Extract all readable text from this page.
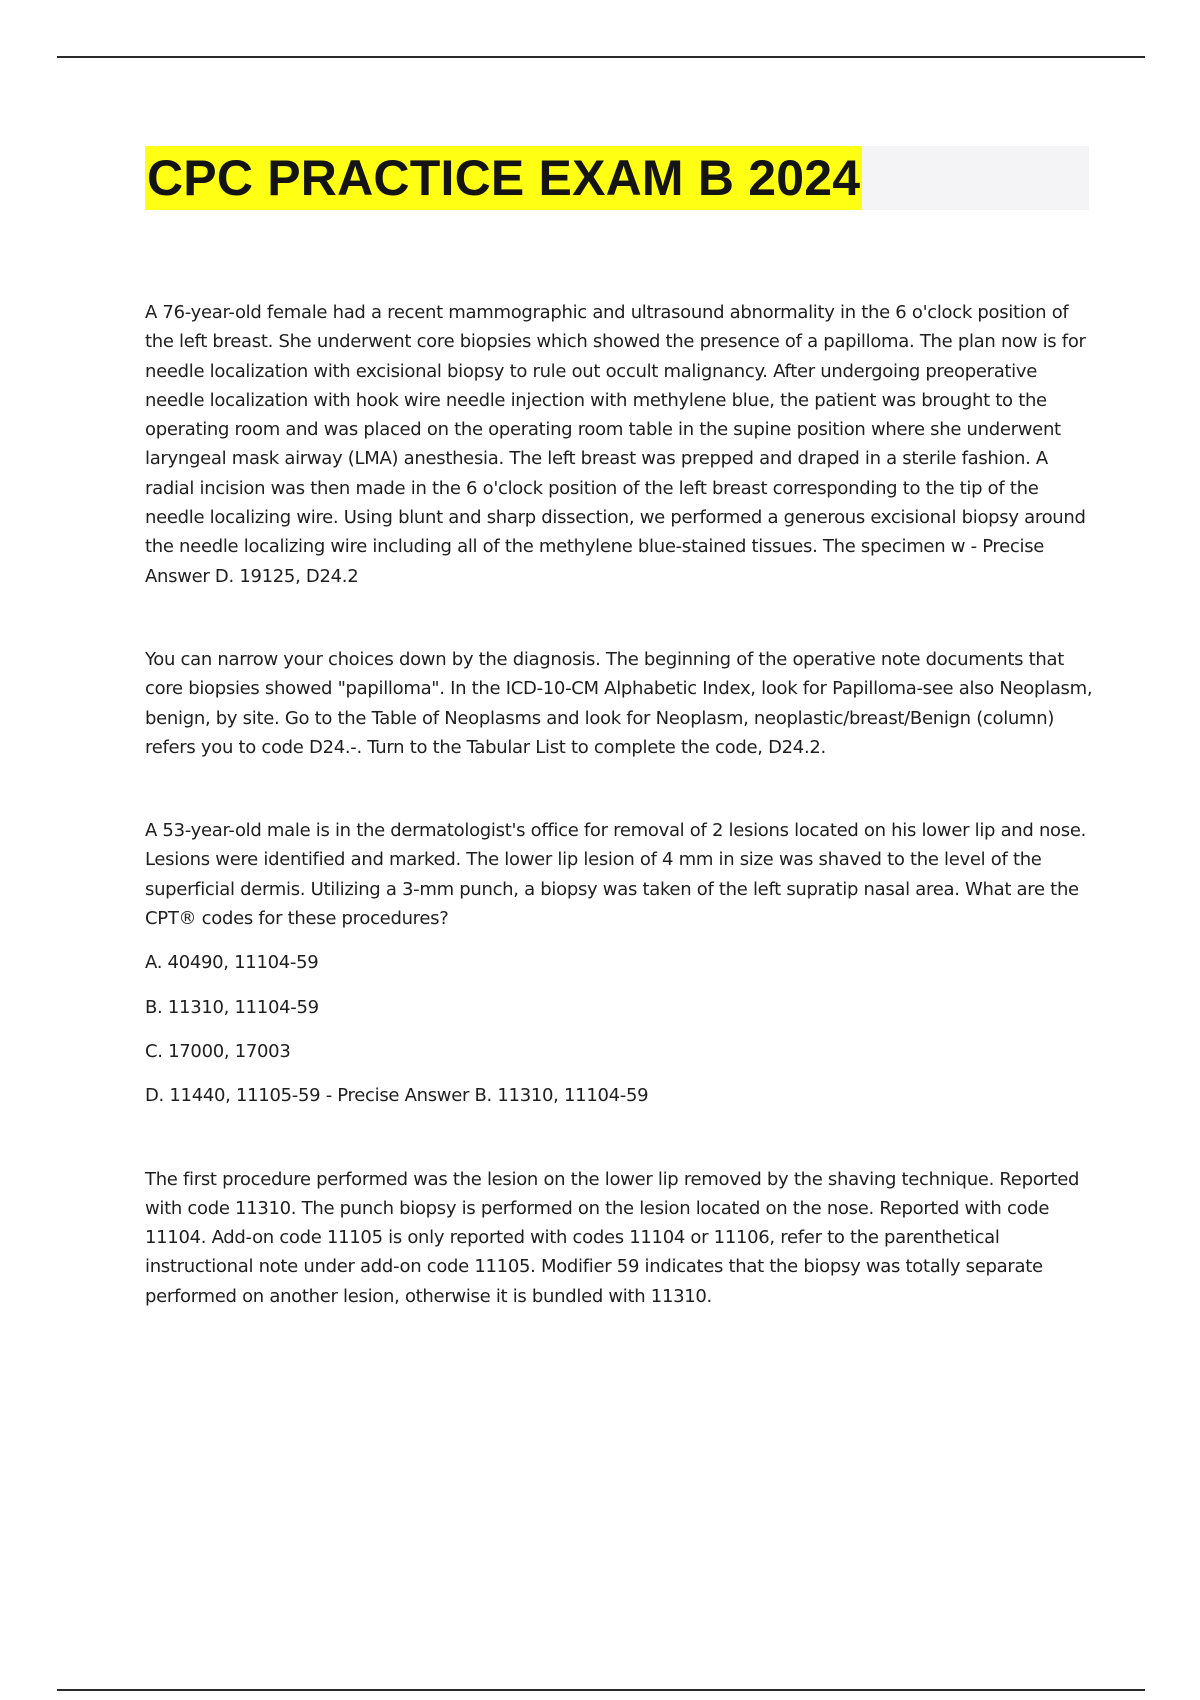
CPC PRACTICE EXAM B 2024

A 76-year-old female had a recent mammographic and ultrasound abnormality in the 6 o'clock position of the left breast. She underwent core biopsies which showed the presence of a papilloma. The plan now is for needle localization with excisional biopsy to rule out occult malignancy. After undergoing preoperative needle localization with hook wire needle injection with methylene blue, the patient was brought to the operating room and was placed on the operating room table in the supine position where she underwent laryngeal mask airway (LMA) anesthesia. The left breast was prepped and draped in a sterile fashion. A radial incision was then made in the 6 o'clock position of the left breast corresponding to the tip of the needle localizing wire. Using blunt and sharp dissection, we performed a generous excisional biopsy around the needle localizing wire including all of the methylene blue-stained tissues. The specimen w - Precise Answer D. 19125, D24.2

You can narrow your choices down by the diagnosis. The beginning of the operative note documents that core biopsies showed "papilloma". In the ICD-10-CM Alphabetic Index, look for Papilloma-see also Neoplasm, benign, by site. Go to the Table of Neoplasms and look for Neoplasm, neoplastic/breast/Benign (column) refers you to code D24.-. Turn to the Tabular List to complete the code, D24.2.

A 53-year-old male is in the dermatologist's office for removal of 2 lesions located on his lower lip and nose. Lesions were identified and marked. The lower lip lesion of 4 mm in size was shaved to the level of the superficial dermis. Utilizing a 3-mm punch, a biopsy was taken of the left supratip nasal area. What are the CPT® codes for these procedures?

A. 40490, 11104-59

B. 11310, 11104-59

C. 17000, 17003

D. 11440, 11105-59 - Precise Answer B. 11310, 11104-59

The first procedure performed was the lesion on the lower lip removed by the shaving technique. Reported with code 11310. The punch biopsy is performed on the lesion located on the nose. Reported with code 11104. Add-on code 11105 is only reported with codes 11104 or 11106, refer to the parenthetical instructional note under add-on code 11105. Modifier 59 indicates that the biopsy was totally separate performed on another lesion, otherwise it is bundled with 11310.
